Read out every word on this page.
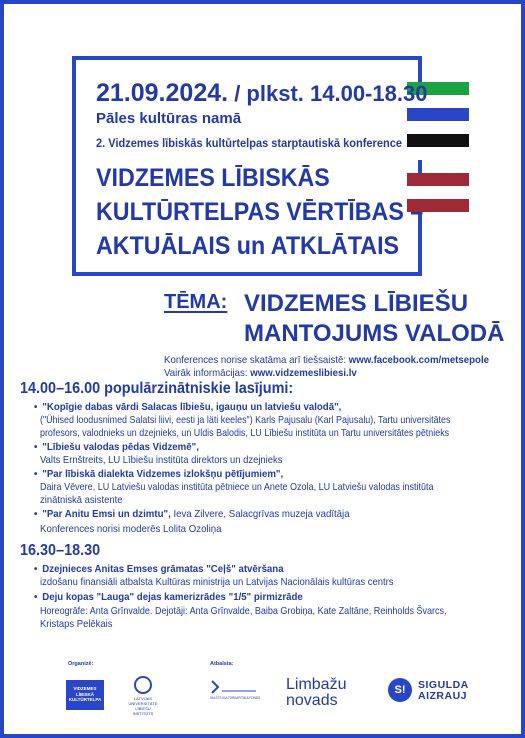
21.09.2024. / plkst. 14.00-18.30
Pāles kultūras namā
2. Vidzemes lībiskās kultūrtelpas starptautiskā konference
VIDZEMES LĪBISKĀS
KULTŪRTELPAS VĒRTĪBAS –
AKTUĀLAIS un ATKLĀTAIS
TĒMA: VIDZEMES LĪBIEŠU
MANTOJUMS VALODĀ
Konferences norise skatāma arī tiešsaistē: www.facebook.com/metsepole
Vairāk informācijas: www.vidzemeslibiesi.lv
14.00–16.00 populārzinātniskie lasījumi:
• "Kopīgie dabas vārdi Salacas lībiešu, igauņu un latviešu valodā",
("Ühised loodusnimed Salatsi liivi, eesti ja läti keeles") Karls Pajusalu (Karl Pajusalu), Tartu universitātes
profesors, valodnieks un dzejnieks, un Uldis Balodis, LU Lībiešu institūta un Tartu universitātes pētnieks
• "Lībiešu valodas pēdas Vidzemē",
Valts Ernštreits, LU Lībiešu institūta direktors un dzejnieks
• "Par lībiskā dialekta Vidzemes izlokšņu pētījumiem",
Daira Vēvere, LU Latviešu valodas institūta pētniece un Anete Ozola, LU Latviešu valodas institūta
zinātniskā asistente
• "Par Anitu Emsi un dzimtu", Ieva Zilvere, Salacgrīvas muzeja vadītāja
Konferences norisi moderēs Lolita Ozoliņa
16.30–18.30
• Dzejnieces Anitas Emses grāmatas "Ceļš" atvēršana
izdošanu finansiāli atbalsta Kultūras ministrija un Latvijas Nacionālais kultūras centrs
• Deju kopas "Lauga" dejas kamerizrādes "1/5" pirmizrāde
Horeogrāfe: Anta Grīnvalde. Dejotāji: Anta Grīnvalde, Baiba Grobiņa, Kate Zaltāne, Reinholds Švarcs,
Kristaps Pelēkais
Organizē:	Atbalsta:
VIDZEMES
LĪBISKĀ
KULTŪRTELPA	LATVIJAS UNIVERSITĀTE
LĪBIEŠU
INSTITŪTS
VALSTS KULTŪRKAPITĀLA FONDS
Limbažu
novads
S!	SIGULDA
AIZRAUJ
